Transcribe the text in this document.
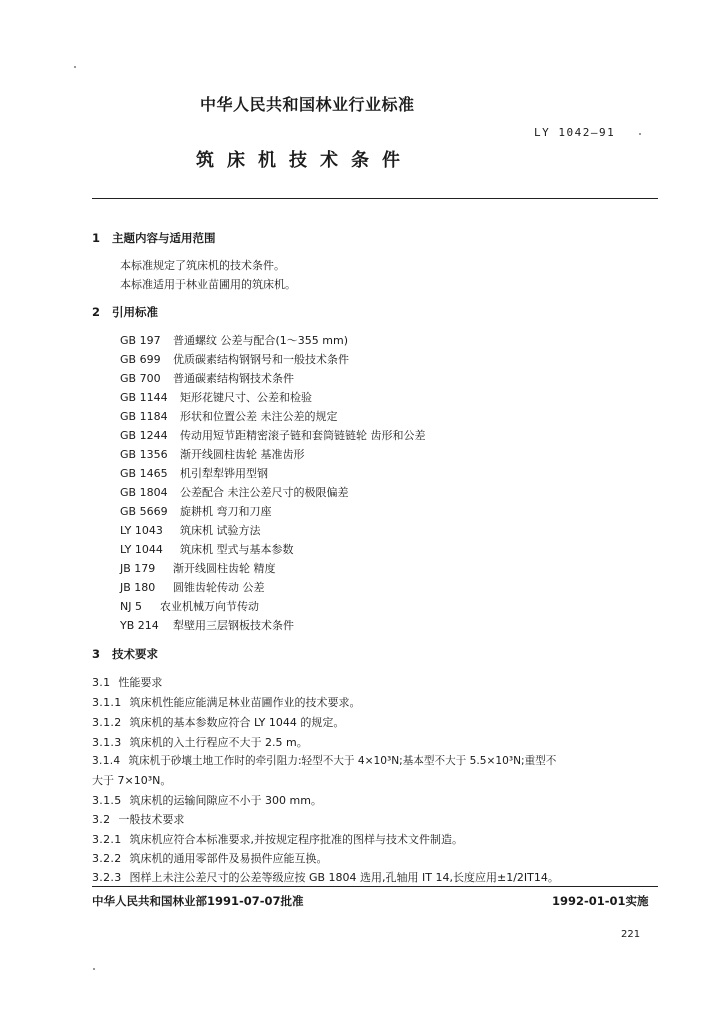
中华人民共和国林业行业标准
LY 1042—91
筑床机技术条件
1 主题内容与适用范围
本标准规定了筑床机的技术条件。
本标准适用于林业苗圃用的筑床机。
2 引用标准
GB 197 普通螺纹 公差与配合(1～355 mm)
GB 699 优质碳素结构钢钢号和一般技术条件
GB 700 普通碳素结构钢技术条件
GB 1144 矩形花键尺寸、公差和检验
GB 1184 形状和位置公差 未注公差的规定
GB 1244 传动用短节距精密滚子链和套筒链链轮 齿形和公差
GB 1356 渐开线圆柱齿轮 基准齿形
GB 1465 机引犁犁铧用型钢
GB 1804 公差配合 未注公差尺寸的极限偏差
GB 5669 旋耕机 弯刀和刀座
LY 1043 筑床机 试验方法
LY 1044 筑床机 型式与基本参数
JB 179 渐开线圆柱齿轮 精度
JB 180 圆锥齿轮传动 公差
NJ 5 农业机械万向节传动
YB 214 犁壁用三层钢板技术条件
3 技术要求
3.1 性能要求
3.1.1 筑床机性能应能满足林业苗圃作业的技术要求。
3.1.2 筑床机的基本参数应符合 LY 1044 的规定。
3.1.3 筑床机的入土行程应不大于 2.5 m。
3.1.4 筑床机于砂壤土地工作时的牵引阻力:轻型不大于 4×10³N;基本型不大于 5.5×10³N;重型不
大于 7×10³N。
3.1.5 筑床机的运输间隙应不小于 300 mm。
3.2 一般技术要求
3.2.1 筑床机应符合本标准要求,并按规定程序批准的图样与技术文件制造。
3.2.2 筑床机的通用零部件及易损件应能互换。
3.2.3 图样上未注公差尺寸的公差等级应按 GB 1804 选用,孔轴用 IT 14,长度应用±1/2IT14。
中华人民共和国林业部1991-07-07批准	1992-01-01实施
221
